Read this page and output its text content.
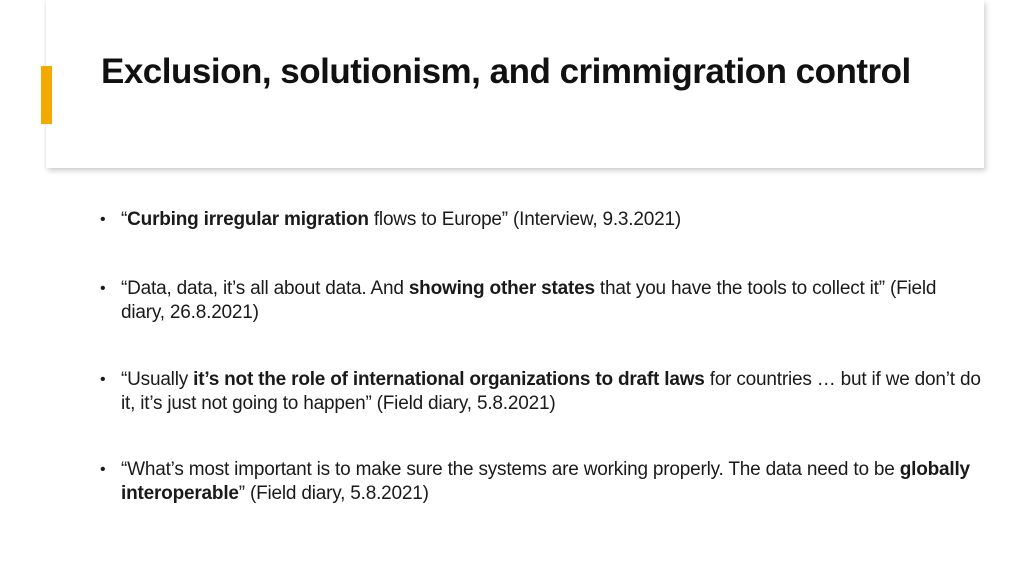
Exclusion, solutionism, and crimmigration control
• “Curbing irregular migration flows to Europe” (Interview, 9.3.2021)
• “Data, data, it’s all about data. And showing other states that you have the tools to collect it” (Field diary, 26.8.2021)
• “Usually it’s not the role of international organizations to draft laws for countries … but if we don’t do it, it’s just not going to happen” (Field diary, 5.8.2021)
• “What’s most important is to make sure the systems are working properly. The data need to be globally interoperable” (Field diary, 5.8.2021)
